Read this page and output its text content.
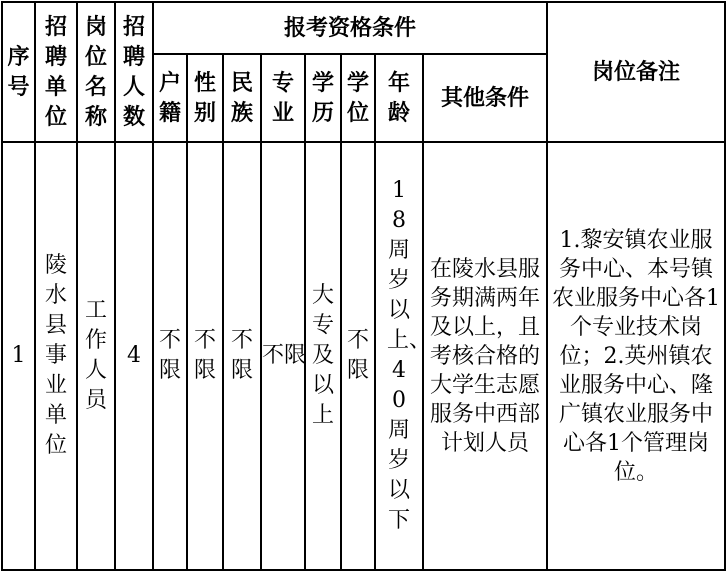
序号	招聘单位	岗位名称	招聘人数	报考资格条件								岗位备注

				户籍	性别	民族	专业	学历	学位	年龄	其他条件	
1	陵水县事业单位	工作人员	4	不限	不限	不限	不限	大专及以上	不限	18周岁以上、40周岁以下	在陵水县服务期满两年及以上，且考核合格的大学生志愿服务中西部计划人员	1.黎安镇农业服务中心、本号镇农业服务中心各1个专业技术岗位；2.英州镇农业服务中心、隆广镇农业服务中心各1个管理岗位。
